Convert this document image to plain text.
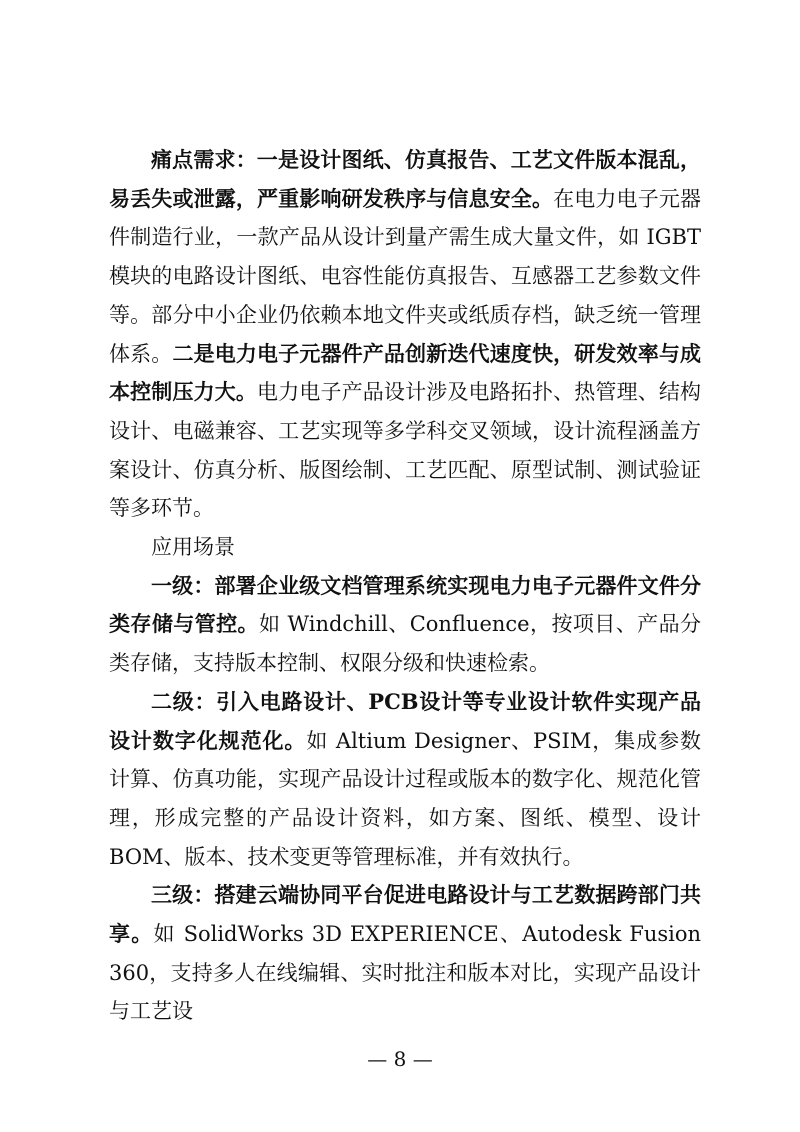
痛点需求：一是设计图纸、仿真报告、工艺文件版本混乱，易丢失或泄露，严重影响研发秩序与信息安全。在电力电子元器件制造行业，一款产品从设计到量产需生成大量文件，如 IGBT 模块的电路设计图纸、电容性能仿真报告、互感器工艺参数文件等。部分中小企业仍依赖本地文件夹或纸质存档，缺乏统一管理体系。二是电力电子元器件产品创新迭代速度快，研发效率与成本控制压力大。电力电子产品设计涉及电路拓扑、热管理、结构设计、电磁兼容、工艺实现等多学科交叉领域，设计流程涵盖方案设计、仿真分析、版图绘制、工艺匹配、原型试制、测试验证等多环节。

应用场景

一级：部署企业级文档管理系统实现电力电子元器件文件分类存储与管控。如 Windchill、Confluence，按项目、产品分类存储，支持版本控制、权限分级和快速检索。

二级：引入电路设计、PCB设计等专业设计软件实现产品设计数字化规范化。如 Altium Designer、PSIM，集成参数计算、仿真功能，实现产品设计过程或版本的数字化、规范化管理，形成完整的产品设计资料，如方案、图纸、模型、设计BOM、版本、技术变更等管理标准，并有效执行。

三级：搭建云端协同平台促进电路设计与工艺数据跨部门共享。如 SolidWorks 3D EXPERIENCE、Autodesk Fusion 360，支持多人在线编辑、实时批注和版本对比，实现产品设计与工艺设

— 8 —
